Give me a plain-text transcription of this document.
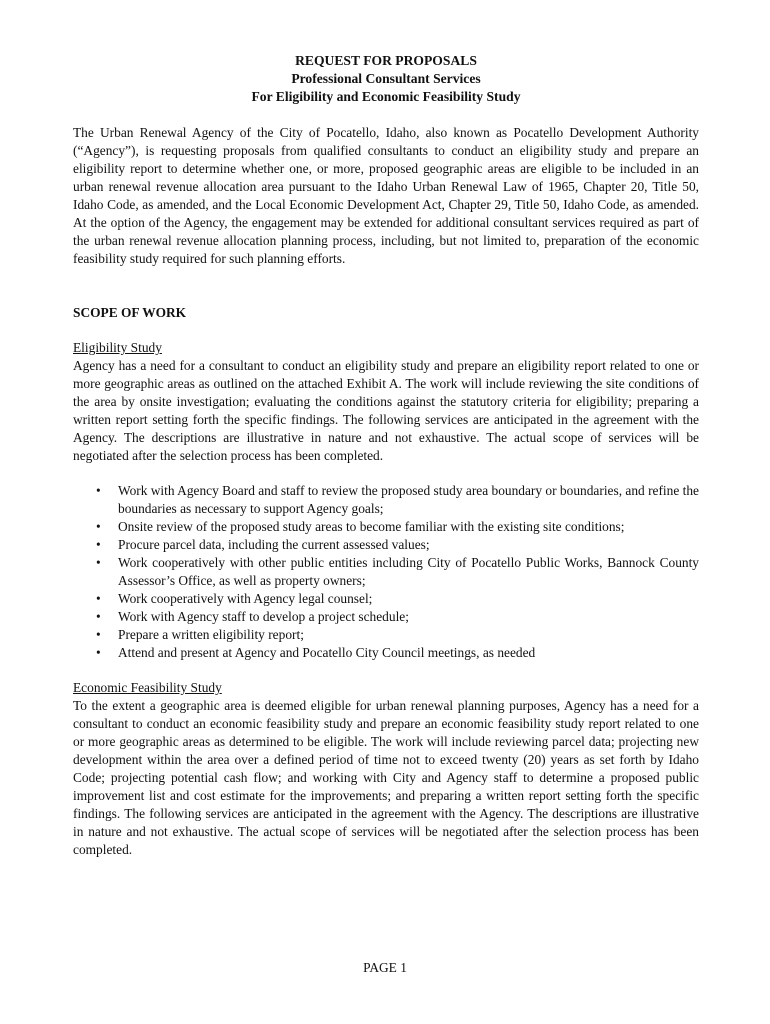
REQUEST FOR PROPOSALS
Professional Consultant Services
For Eligibility and Economic Feasibility Study

The Urban Renewal Agency of the City of Pocatello, Idaho, also known as Pocatello Development Authority (“Agency”), is requesting proposals from qualified consultants to conduct an eligibility study and prepare an eligibility report to determine whether one, or more, proposed geographic areas are eligible to be included in an urban renewal revenue allocation area pursuant to the Idaho Urban Renewal Law of 1965, Chapter 20, Title 50, Idaho Code, as amended, and the Local Economic Development Act, Chapter 29, Title 50, Idaho Code, as amended. At the option of the Agency, the engagement may be extended for additional consultant services required as part of the urban renewal revenue allocation planning process, including, but not limited to, preparation of the economic feasibility study required for such planning efforts.

SCOPE OF WORK
Eligibility Study

Agency has a need for a consultant to conduct an eligibility study and prepare an eligibility report related to one or more geographic areas as outlined on the attached Exhibit A. The work will include reviewing the site conditions of the area by onsite investigation; evaluating the conditions against the statutory criteria for eligibility; preparing a written report setting forth the specific findings. The following services are anticipated in the agreement with the Agency. The descriptions are illustrative in nature and not exhaustive. The actual scope of services will be negotiated after the selection process has been completed.

• Work with Agency Board and staff to review the proposed study area boundary or boundaries, and refine the boundaries as necessary to support Agency goals;
• Onsite review of the proposed study areas to become familiar with the existing site conditions;
• Procure parcel data, including the current assessed values;
• Work cooperatively with other public entities including City of Pocatello Public Works, Bannock County Assessor’s Office, as well as property owners;
• Work cooperatively with Agency legal counsel;
• Work with Agency staff to develop a project schedule;
• Prepare a written eligibility report;
• Attend and present at Agency and Pocatello City Council meetings, as needed
Economic Feasibility Study

To the extent a geographic area is deemed eligible for urban renewal planning purposes, Agency has a need for a consultant to conduct an economic feasibility study and prepare an economic feasibility study report related to one or more geographic areas as determined to be eligible. The work will include reviewing parcel data; projecting new development within the area over a defined period of time not to exceed twenty (20) years as set forth by Idaho Code; projecting potential cash flow; and working with City and Agency staff to determine a proposed public improvement list and cost estimate for the improvements; and preparing a written report setting forth the specific findings. The following services are anticipated in the agreement with the Agency. The descriptions are illustrative in nature and not exhaustive. The actual scope of services will be negotiated after the selection process has been completed.

PAGE 1
